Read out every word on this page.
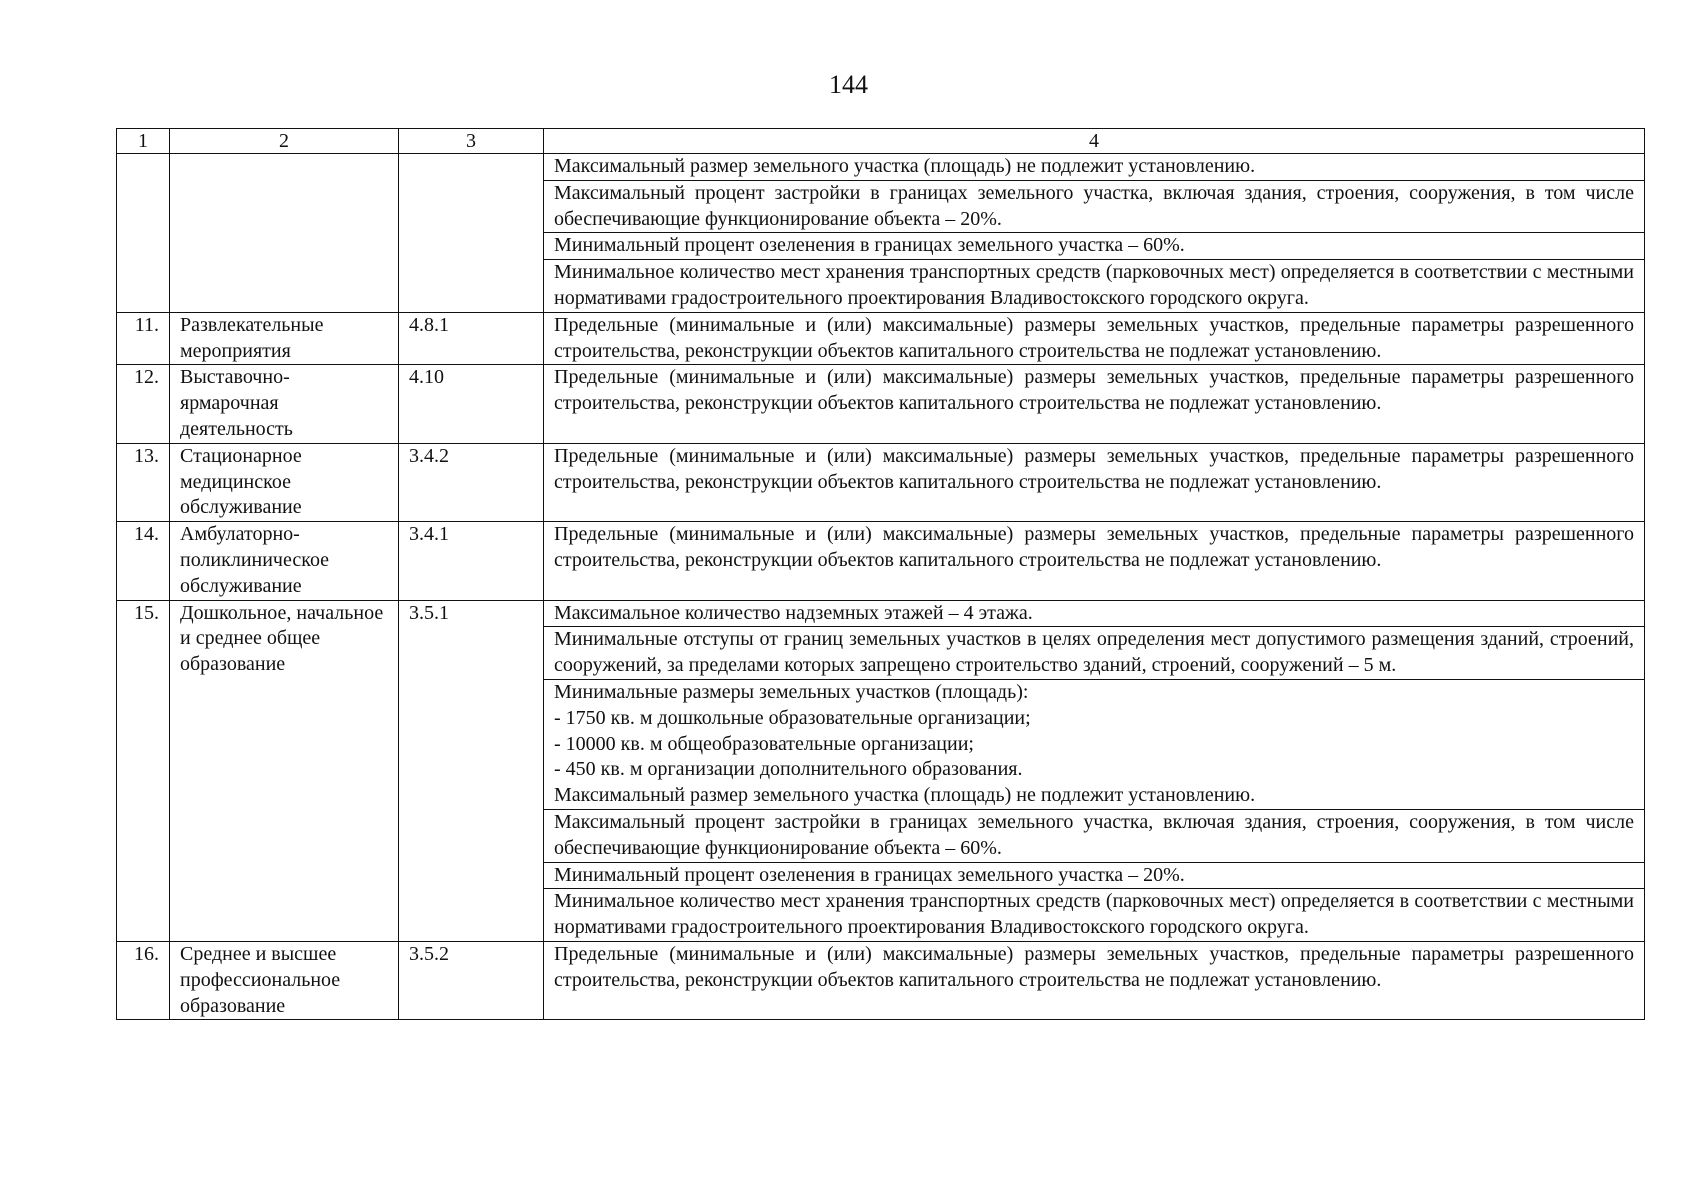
144
1	2	3	4

			Максимальный размер земельного участка (площадь) не подлежит установлению.

			Максимальный процент застройки в границах земельного участка, включая здания, строения, сооружения, в том числе обеспечивающие функционирование объекта – 20%.

			Минимальный процент озеленения в границах земельного участка – 60%.

			Минимальное количество мест хранения транспортных средств (парковочных мест) определяется в соответствии с местными нормативами градостроительного проектирования Владивостокского городского округа.

11.	Развлекательные мероприятия	4.8.1	Предельные (минимальные и (или) максимальные) размеры земельных участков, предельные параметры разрешенного строительства, реконструкции объектов капитального строительства не подлежат установлению.

12.	Выставочно-ярмарочная деятельность	4.10	Предельные (минимальные и (или) максимальные) размеры земельных участков, предельные параметры разрешенного строительства, реконструкции объектов капитального строительства не подлежат установлению.

13.	Стационарное медицинское обслуживание	3.4.2	Предельные (минимальные и (или) максимальные) размеры земельных участков, предельные параметры разрешенного строительства, реконструкции объектов капитального строительства не подлежат установлению.

14.	Амбулаторно-поликлиническое обслуживание	3.4.1	Предельные (минимальные и (или) максимальные) размеры земельных участков, предельные параметры разрешенного строительства, реконструкции объектов капитального строительства не подлежат установлению.

15.	Дошкольное, начальное и среднее общее образование	3.5.1	Максимальное количество надземных этажей – 4 этажа.

			Минимальные отступы от границ земельных участков в целях определения мест допустимого размещения зданий, строений, сооружений, за пределами которых запрещено строительство зданий, строений, сооружений – 5 м.

			Минимальные размеры земельных участков (площадь):
- 1750 кв. м дошкольные образовательные организации;
- 10000 кв. м общеобразовательные организации;
- 450 кв. м организации дополнительного образования.
Максимальный размер земельного участка (площадь) не подлежит установлению.

			Максимальный процент застройки в границах земельного участка, включая здания, строения, сооружения, в том числе обеспечивающие функционирование объекта – 60%.

			Минимальный процент озеленения в границах земельного участка – 20%.

			Минимальное количество мест хранения транспортных средств (парковочных мест) определяется в соответствии с местными нормативами градостроительного проектирования Владивостокского городского округа.

16.	Среднее и высшее профессиональное образование	3.5.2	Предельные (минимальные и (или) максимальные) размеры земельных участков, предельные параметры разрешенного строительства, реконструкции объектов капитального строительства не подлежат установлению.
